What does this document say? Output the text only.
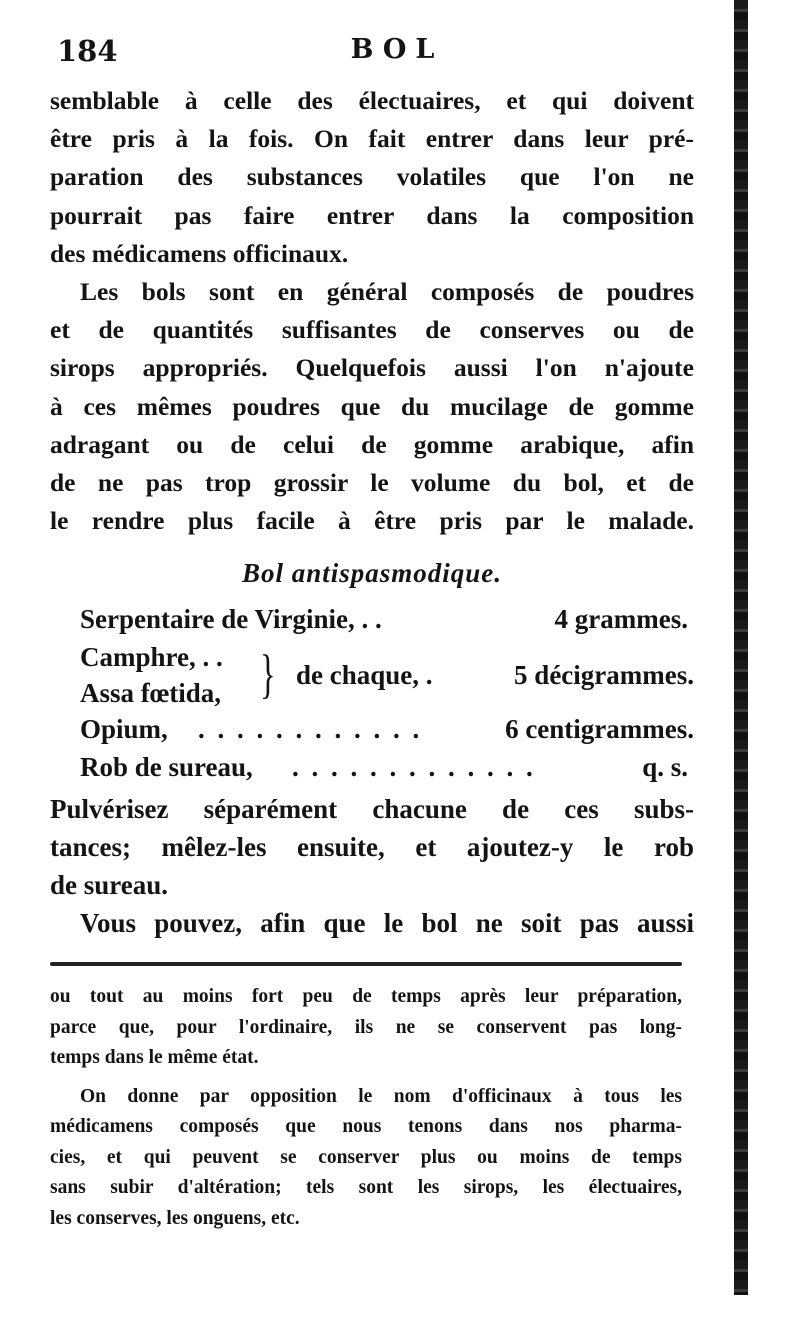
184	BOL
semblable à celle des électuaires, et qui doivent
être pris à la fois. On fait entrer dans leur pré-
paration des substances volatiles que l'on ne
pourrait pas faire entrer dans la composition
des médicamens officinaux.
Les bols sont en général composés de poudres
et de quantités suffisantes de conserves ou de
sirops appropriés. Quelquefois aussi l'on n'ajoute
à ces mêmes poudres que du mucilage de gomme
adragant ou de celui de gomme arabique, afin
de ne pas trop grossir le volume du bol, et de
le rendre plus facile à être pris par le malade.
Bol antispasmodique.
Serpentaire de Virginie, . .	4 grammes.
Camphre, . .
Assa fœtida, } de chaque, .	5 décigrammes.
Opium, . . . . . . . . . . . .	6 centigrammes.
Rob de sureau, . . . . . . . . . . . . .	q. s.
Pulvérisez séparément chacune de ces subs-
tances; mêlez-les ensuite, et ajoutez-y le rob
de sureau.
Vous pouvez, afin que le bol ne soit pas aussi
ou tout au moins fort peu de temps après leur préparation,
parce que, pour l'ordinaire, ils ne se conservent pas long-
temps dans le même état.
On donne par opposition le nom d'officinaux à tous les
médicamens composés que nous tenons dans nos pharma-
cies, et qui peuvent se conserver plus ou moins de temps
sans subir d'altération; tels sont les sirops, les électuaires,
les conserves, les onguens, etc.
